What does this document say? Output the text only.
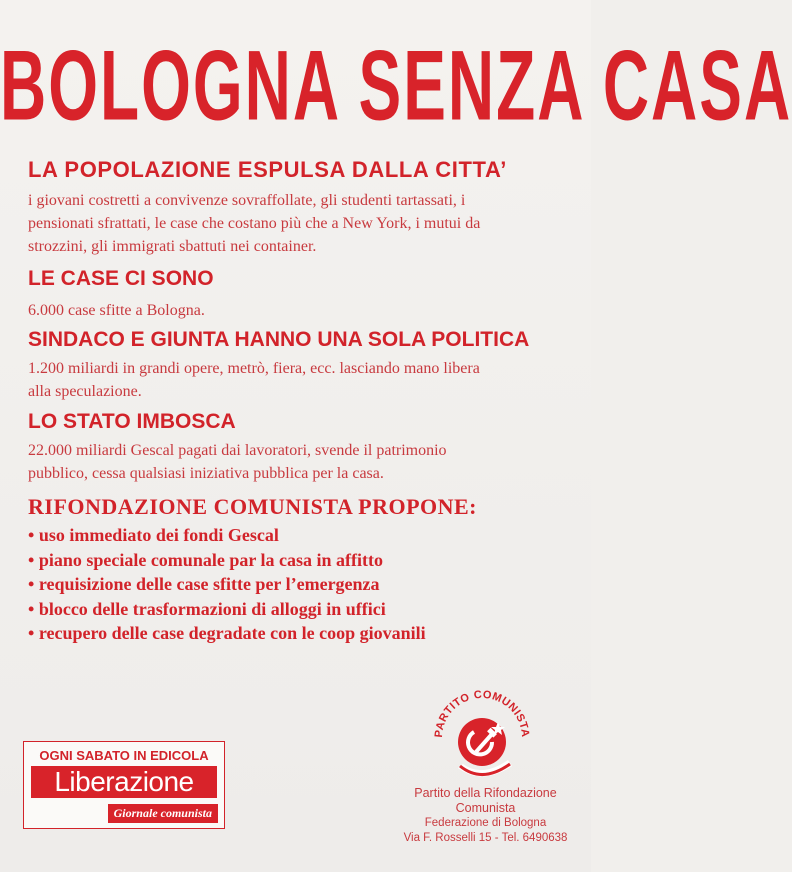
BOLOGNA SENZA CASA
LA POPOLAZIONE ESPULSA DALLA CITTA’
i giovani costretti a convivenze sovraffollate, gli studenti tartassati, i
pensionati sfrattati, le case che costano più che a New York, i mutui da
strozzini, gli immigrati sbattuti nei container.
LE CASE CI SONO
6.000 case sfitte a Bologna.
SINDACO E GIUNTA HANNO UNA SOLA POLITICA
1.200 miliardi in grandi opere, metrò, fiera, ecc. lasciando mano libera
alla speculazione.
LO STATO IMBOSCA
22.000 miliardi Gescal pagati dai lavoratori, svende il patrimonio
pubblico, cessa qualsiasi iniziativa pubblica per la casa.
RIFONDAZIONE COMUNISTA PROPONE:
• uso immediato dei fondi Gescal
• piano speciale comunale par la casa in affitto
• requisizione delle case sfitte per l’emergenza
• blocco delle trasformazioni di alloggi in uffici
• recupero delle case degradate con le coop giovanili
OGNI SABATO IN EDICOLA
Liberazione
Giornale comunista
PARTITO COMUNISTA
Partito della Rifondazione
Comunista
Federazione di Bologna
Via F. Rosselli 15 - Tel. 6490638
